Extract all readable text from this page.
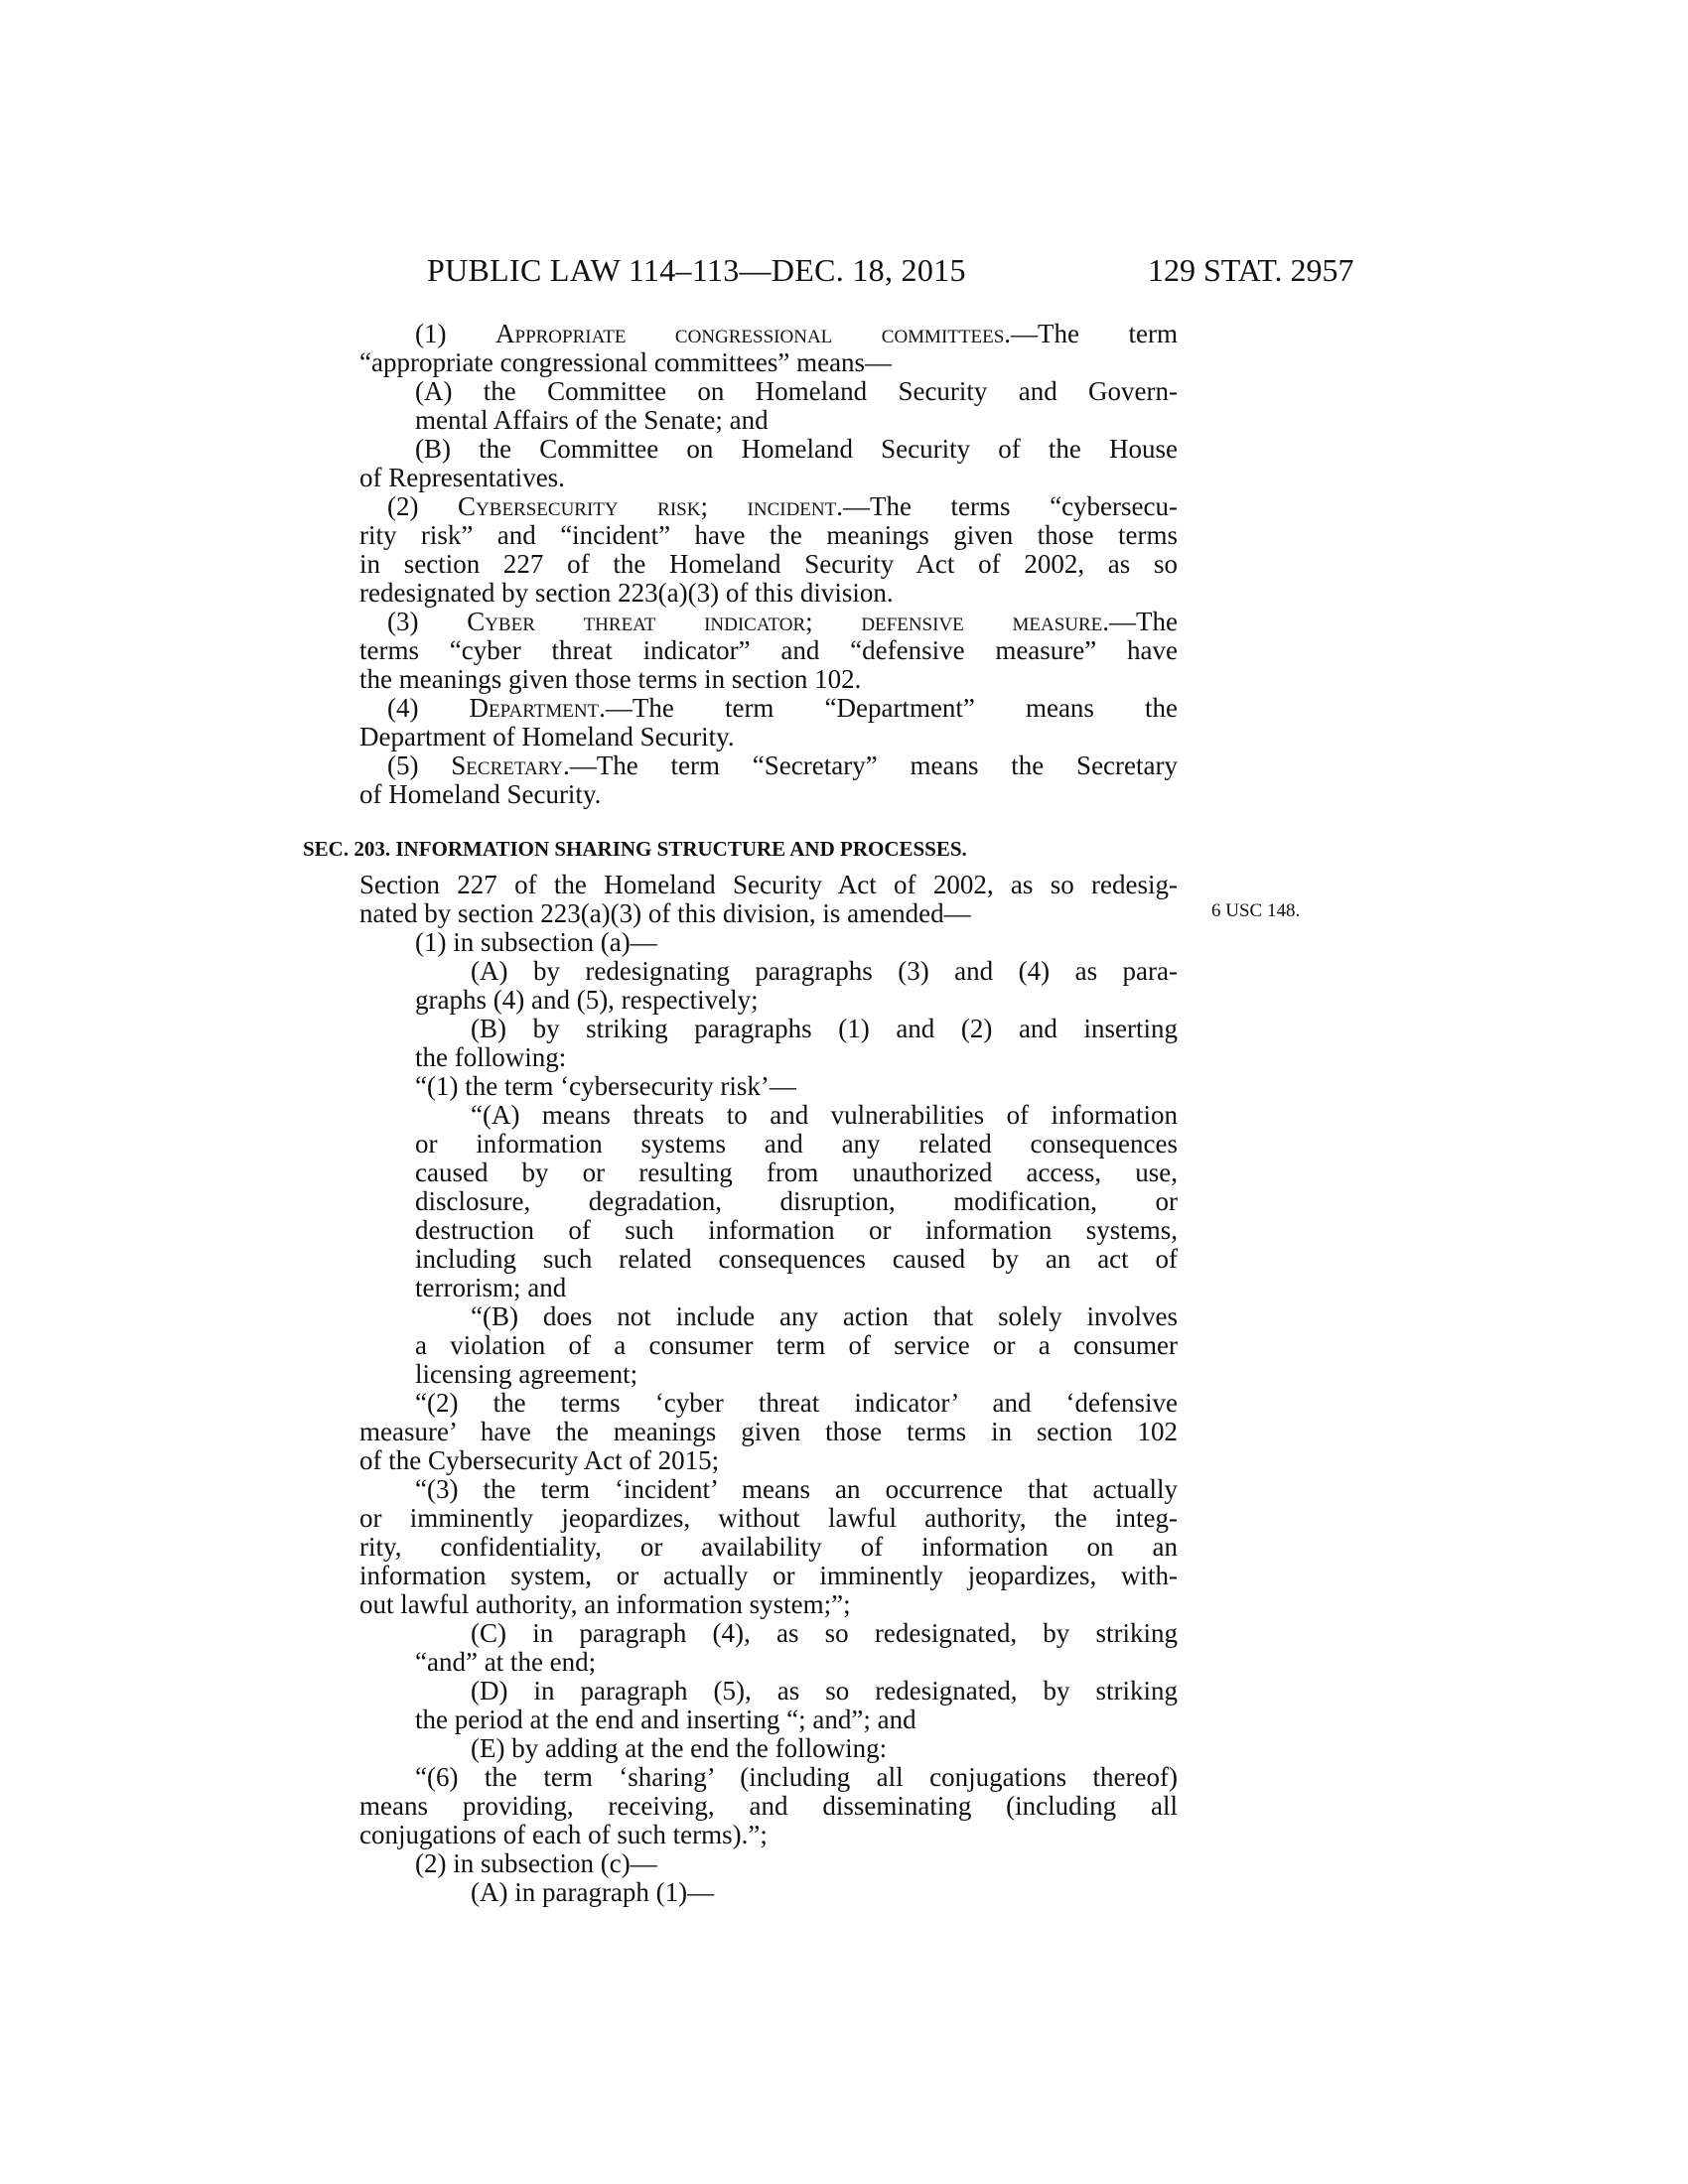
PUBLIC LAW 114–113—DEC. 18, 2015	129 STAT. 2957
(1) Appropriate congressional committees.—The term
“appropriate congressional committees” means—
(A) the Committee on Homeland Security and Govern-
mental Affairs of the Senate; and
(B) the Committee on Homeland Security of the House
of Representatives.
(2) Cybersecurity risk; incident.—The terms “cybersecu-
rity risk” and “incident” have the meanings given those terms
in section 227 of the Homeland Security Act of 2002, as so
redesignated by section 223(a)(3) of this division.
(3) Cyber threat indicator; defensive measure.—The
terms “cyber threat indicator” and “defensive measure” have
the meanings given those terms in section 102.
(4) Department.—The term “Department” means the
Department of Homeland Security.
(5) Secretary.—The term “Secretary” means the Secretary
of Homeland Security.
SEC. 203. INFORMATION SHARING STRUCTURE AND PROCESSES.
Section 227 of the Homeland Security Act of 2002, as so redesig-
nated by section 223(a)(3) of this division, is amended—	6 USC 148.
(1) in subsection (a)—
(A) by redesignating paragraphs (3) and (4) as para-
graphs (4) and (5), respectively;
(B) by striking paragraphs (1) and (2) and inserting
the following:
“(1) the term ‘cybersecurity risk’—
“(A) means threats to and vulnerabilities of information
or information systems and any related consequences
caused by or resulting from unauthorized access, use,
disclosure, degradation, disruption, modification, or
destruction of such information or information systems,
including such related consequences caused by an act of
terrorism; and
“(B) does not include any action that solely involves
a violation of a consumer term of service or a consumer
licensing agreement;
“(2) the terms ‘cyber threat indicator’ and ‘defensive
measure’ have the meanings given those terms in section 102
of the Cybersecurity Act of 2015;
“(3) the term ‘incident’ means an occurrence that actually
or imminently jeopardizes, without lawful authority, the integ-
rity, confidentiality, or availability of information on an
information system, or actually or imminently jeopardizes, with-
out lawful authority, an information system;”;
(C) in paragraph (4), as so redesignated, by striking
“and” at the end;
(D) in paragraph (5), as so redesignated, by striking
the period at the end and inserting “; and”; and
(E) by adding at the end the following:
“(6) the term ‘sharing’ (including all conjugations thereof)
means providing, receiving, and disseminating (including all
conjugations of each of such terms).”;
(2) in subsection (c)—
(A) in paragraph (1)—
